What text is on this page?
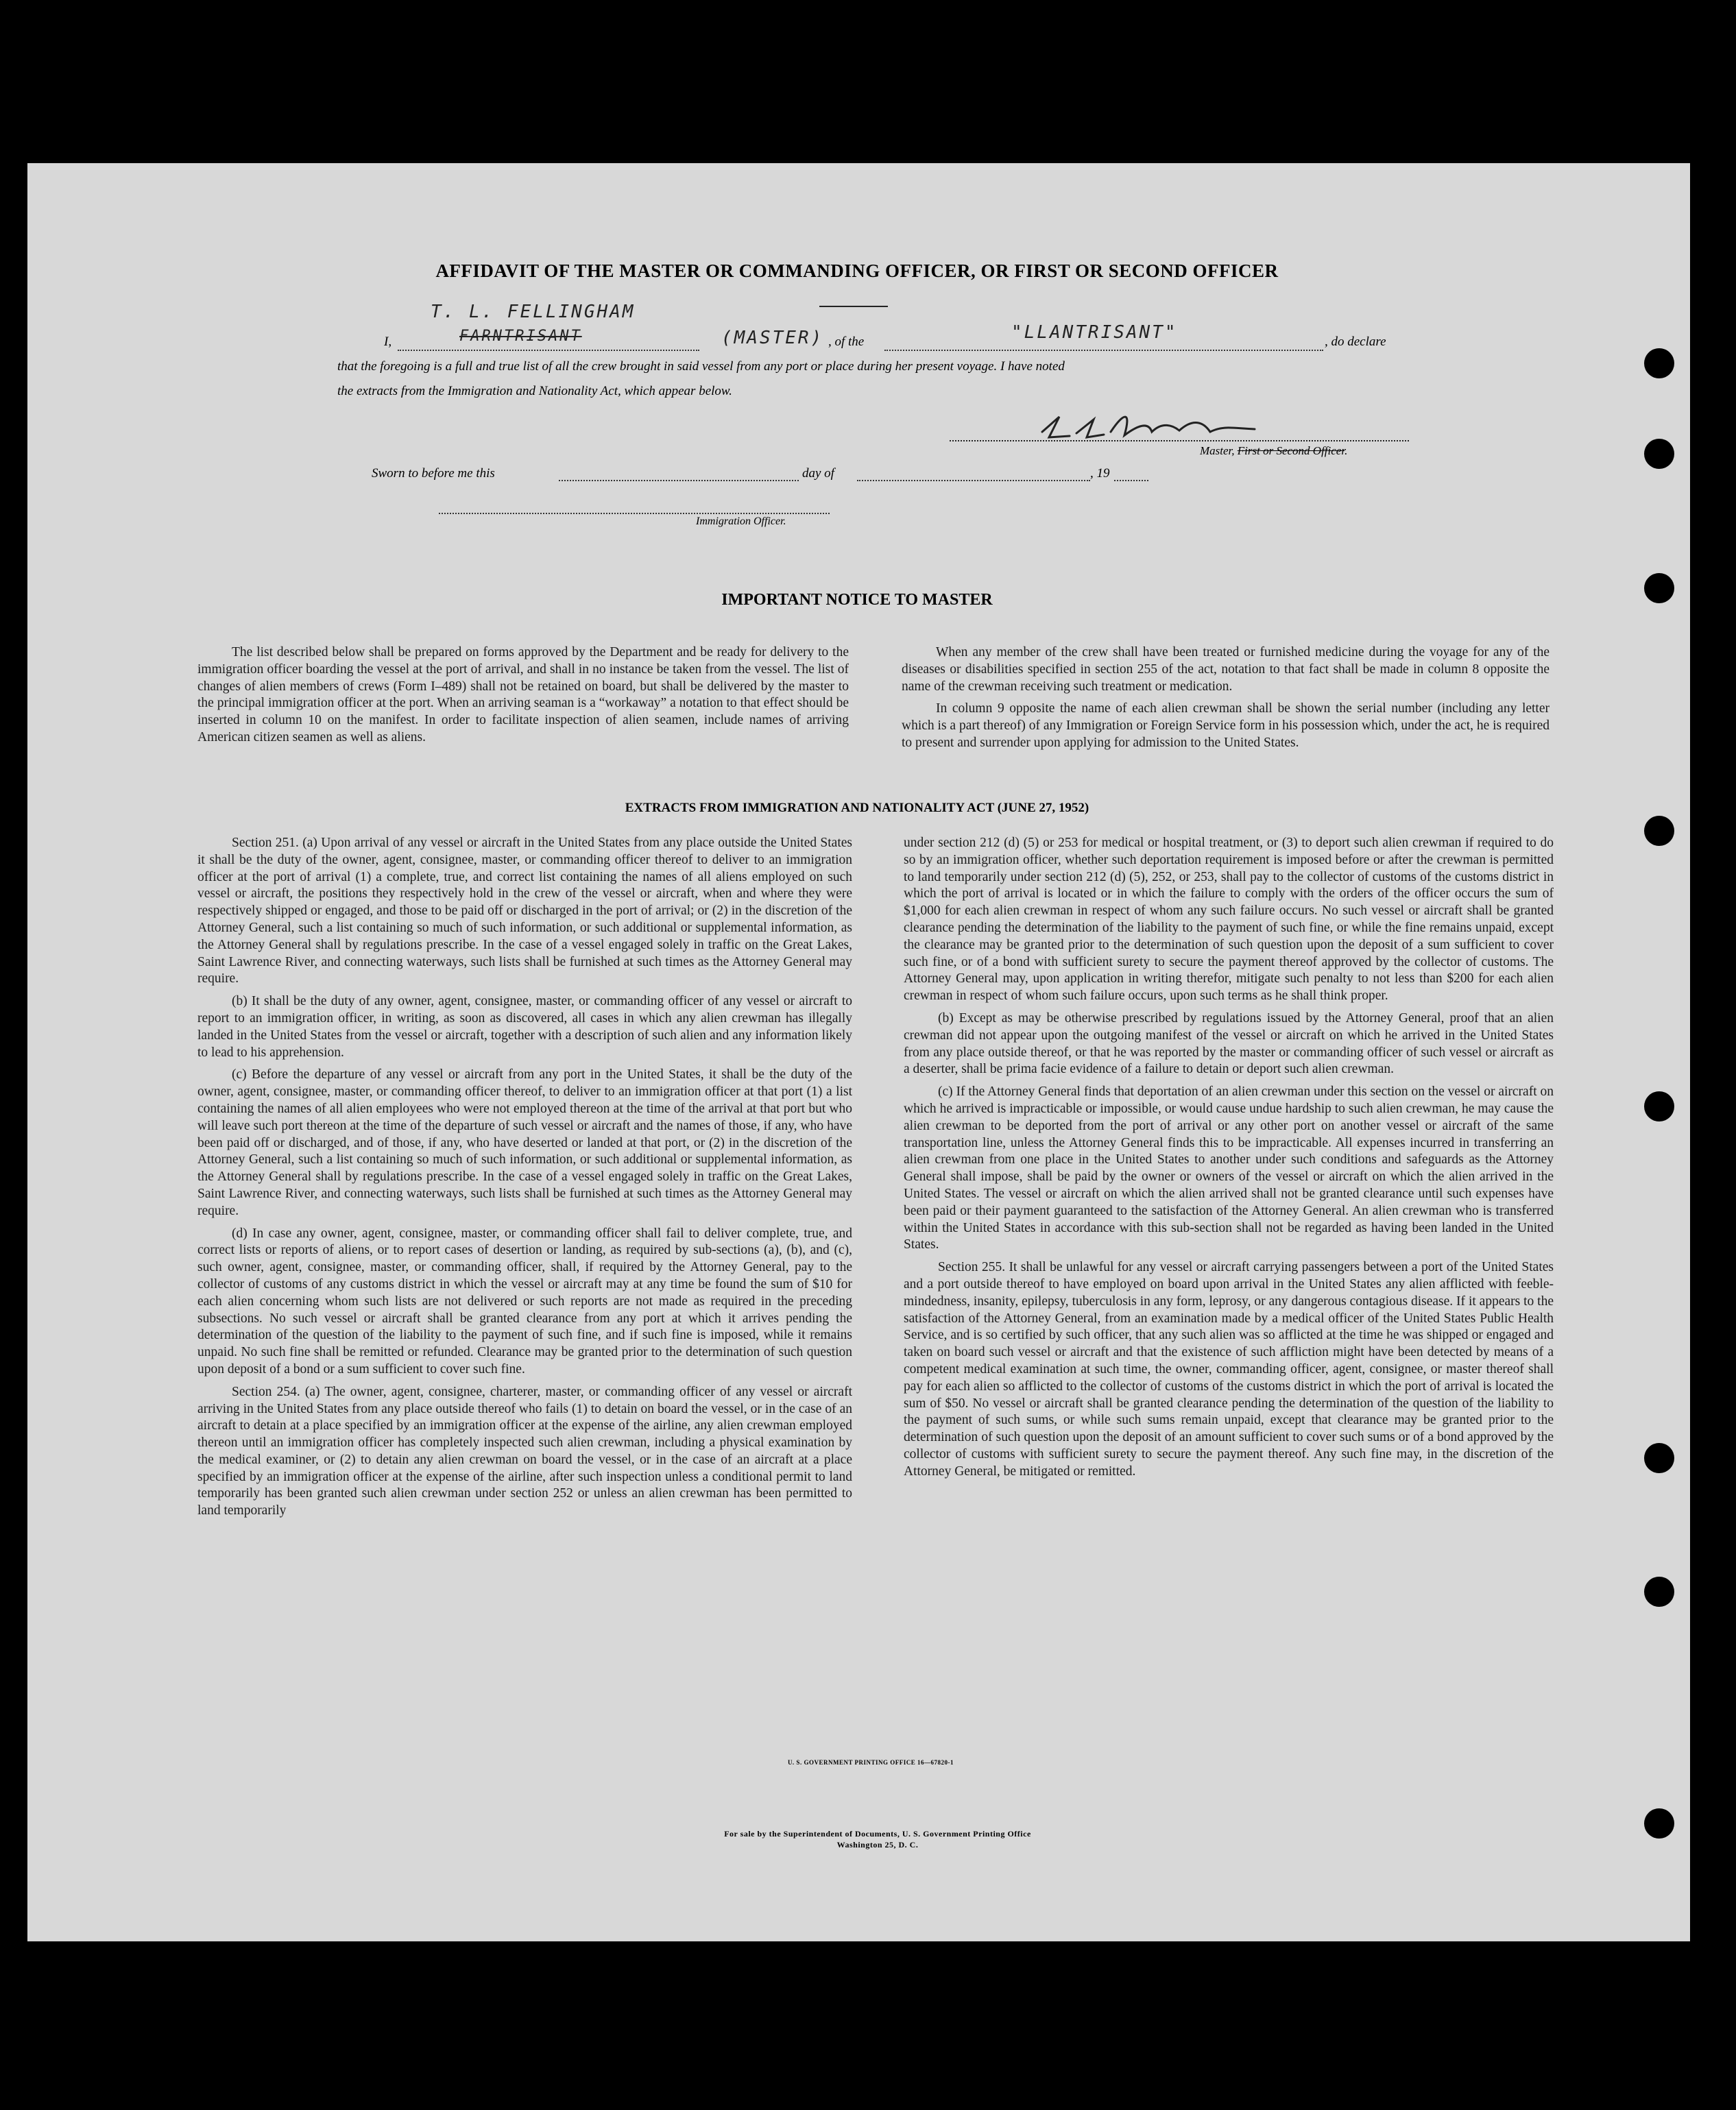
AFFIDAVIT OF THE MASTER OR COMMANDING OFFICER, OR FIRST OR SECOND OFFICER
I,
T. L. FELLINGHAM
FARNTRISANT	(MASTER) , of the	"LLANTRISANT"	, do declare
that the foregoing is a full and true list of all the crew brought in said vessel from any port or place during her present voyage. I have noted
the extracts from the Immigration and Nationality Act, which appear below.
Master, First or Second Officer.
Sworn to before me this	day of	, 19
Immigration Officer.
IMPORTANT NOTICE TO MASTER

The list described below shall be prepared on forms approved by the Department and be ready for delivery to the immigration officer boarding the vessel at the port of arrival, and shall in no instance be taken from the vessel. The list of changes of alien members of crews (Form I–489) shall not be retained on board, but shall be delivered by the master to the principal immigration officer at the port. When an arriving seaman is a “workaway” a notation to that effect should be inserted in column 10 on the manifest. In order to facilitate inspection of alien seamen, include names of arriving American citizen seamen as well as aliens.

When any member of the crew shall have been treated or furnished medicine during the voyage for any of the diseases or disabilities specified in section 255 of the act, notation to that fact shall be made in column 8 opposite the name of the crewman receiving such treatment or medication.

In column 9 opposite the name of each alien crewman shall be shown the serial number (including any letter which is a part thereof) of any Immigration or Foreign Service form in his possession which, under the act, he is required to present and surrender upon applying for admission to the United States.

EXTRACTS FROM IMMIGRATION AND NATIONALITY ACT (JUNE 27, 1952)

Section 251. (a) Upon arrival of any vessel or aircraft in the United States from any place outside the United States it shall be the duty of the owner, agent, consignee, master, or commanding officer thereof to deliver to an immigration officer at the port of arrival (1) a complete, true, and correct list containing the names of all aliens employed on such vessel or aircraft, the positions they respectively hold in the crew of the vessel or aircraft, when and where they were respectively shipped or engaged, and those to be paid off or discharged in the port of arrival; or (2) in the discretion of the Attorney General, such a list containing so much of such information, or such additional or supplemental information, as the Attorney General shall by regulations prescribe. In the case of a vessel engaged solely in traffic on the Great Lakes, Saint Lawrence River, and connecting waterways, such lists shall be furnished at such times as the Attorney General may require.

(b) It shall be the duty of any owner, agent, consignee, master, or commanding officer of any vessel or aircraft to report to an immigration officer, in writing, as soon as discovered, all cases in which any alien crewman has illegally landed in the United States from the vessel or aircraft, together with a description of such alien and any information likely to lead to his apprehension.

(c) Before the departure of any vessel or aircraft from any port in the United States, it shall be the duty of the owner, agent, consignee, master, or commanding officer thereof, to deliver to an immigration officer at that port (1) a list containing the names of all alien employees who were not employed thereon at the time of the arrival at that port but who will leave such port thereon at the time of the departure of such vessel or aircraft and the names of those, if any, who have been paid off or discharged, and of those, if any, who have deserted or landed at that port, or (2) in the discretion of the Attorney General, such a list containing so much of such information, or such additional or supplemental information, as the Attorney General shall by regulations prescribe. In the case of a vessel engaged solely in traffic on the Great Lakes, Saint Lawrence River, and connecting waterways, such lists shall be furnished at such times as the Attorney General may require.

(d) In case any owner, agent, consignee, master, or commanding officer shall fail to deliver complete, true, and correct lists or reports of aliens, or to report cases of desertion or landing, as required by sub-sections (a), (b), and (c), such owner, agent, consignee, master, or commanding officer, shall, if required by the Attorney General, pay to the collector of customs of any customs district in which the vessel or aircraft may at any time be found the sum of $10 for each alien concerning whom such lists are not delivered or such reports are not made as required in the preceding subsections. No such vessel or aircraft shall be granted clearance from any port at which it arrives pending the determination of the question of the liability to the payment of such fine, and if such fine is imposed, while it remains unpaid. No such fine shall be remitted or refunded. Clearance may be granted prior to the determination of such question upon deposit of a bond or a sum sufficient to cover such fine.

Section 254. (a) The owner, agent, consignee, charterer, master, or commanding officer of any vessel or aircraft arriving in the United States from any place outside thereof who fails (1) to detain on board the vessel, or in the case of an aircraft to detain at a place specified by an immigration officer at the expense of the airline, any alien crewman employed thereon until an immigration officer has completely inspected such alien crewman, including a physical examination by the medical examiner, or (2) to detain any alien crewman on board the vessel, or in the case of an aircraft at a place specified by an immigration officer at the expense of the airline, after such inspection unless a conditional permit to land temporarily has been granted such alien crewman under section 252 or unless an alien crewman has been permitted to land temporarily

under section 212 (d) (5) or 253 for medical or hospital treatment, or (3) to deport such alien crewman if required to do so by an immigration officer, whether such deportation requirement is imposed before or after the crewman is permitted to land temporarily under section 212 (d) (5), 252, or 253, shall pay to the collector of customs of the customs district in which the port of arrival is located or in which the failure to comply with the orders of the officer occurs the sum of $1,000 for each alien crewman in respect of whom any such failure occurs. No such vessel or aircraft shall be granted clearance pending the determination of the liability to the payment of such fine, or while the fine remains unpaid, except the clearance may be granted prior to the determination of such question upon the deposit of a sum sufficient to cover such fine, or of a bond with sufficient surety to secure the payment thereof approved by the collector of customs. The Attorney General may, upon application in writing therefor, mitigate such penalty to not less than $200 for each alien crewman in respect of whom such failure occurs, upon such terms as he shall think proper.

(b) Except as may be otherwise prescribed by regulations issued by the Attorney General, proof that an alien crewman did not appear upon the outgoing manifest of the vessel or aircraft on which he arrived in the United States from any place outside thereof, or that he was reported by the master or commanding officer of such vessel or aircraft as a deserter, shall be prima facie evidence of a failure to detain or deport such alien crewman.

(c) If the Attorney General finds that deportation of an alien crewman under this section on the vessel or aircraft on which he arrived is impracticable or impossible, or would cause undue hardship to such alien crewman, he may cause the alien crewman to be deported from the port of arrival or any other port on another vessel or aircraft of the same transportation line, unless the Attorney General finds this to be impracticable. All expenses incurred in transferring an alien crewman from one place in the United States to another under such conditions and safeguards as the Attorney General shall impose, shall be paid by the owner or owners of the vessel or aircraft on which the alien arrived in the United States. The vessel or aircraft on which the alien arrived shall not be granted clearance until such expenses have been paid or their payment guaranteed to the satisfaction of the Attorney General. An alien crewman who is transferred within the United States in accordance with this sub-section shall not be regarded as having been landed in the United States.

Section 255. It shall be unlawful for any vessel or aircraft carrying passengers between a port of the United States and a port outside thereof to have employed on board upon arrival in the United States any alien afflicted with feeble-mindedness, insanity, epilepsy, tuberculosis in any form, leprosy, or any dangerous contagious disease. If it appears to the satisfaction of the Attorney General, from an examination made by a medical officer of the United States Public Health Service, and is so certified by such officer, that any such alien was so afflicted at the time he was shipped or engaged and taken on board such vessel or aircraft and that the existence of such affliction might have been detected by means of a competent medical examination at such time, the owner, commanding officer, agent, consignee, or master thereof shall pay for each alien so afflicted to the collector of customs of the customs district in which the port of arrival is located the sum of $50. No vessel or aircraft shall be granted clearance pending the determination of the question of the liability to the payment of such sums, or while such sums remain unpaid, except that clearance may be granted prior to the determination of such question upon the deposit of an amount sufficient to cover such sums or of a bond approved by the collector of customs with sufficient surety to secure the payment thereof. Any such fine may, in the discretion of the Attorney General, be mitigated or remitted.

U. S. GOVERNMENT PRINTING OFFICE 16—67820-1
For sale by the Superintendent of Documents, U. S. Government Printing Office
Washington 25, D. C.
